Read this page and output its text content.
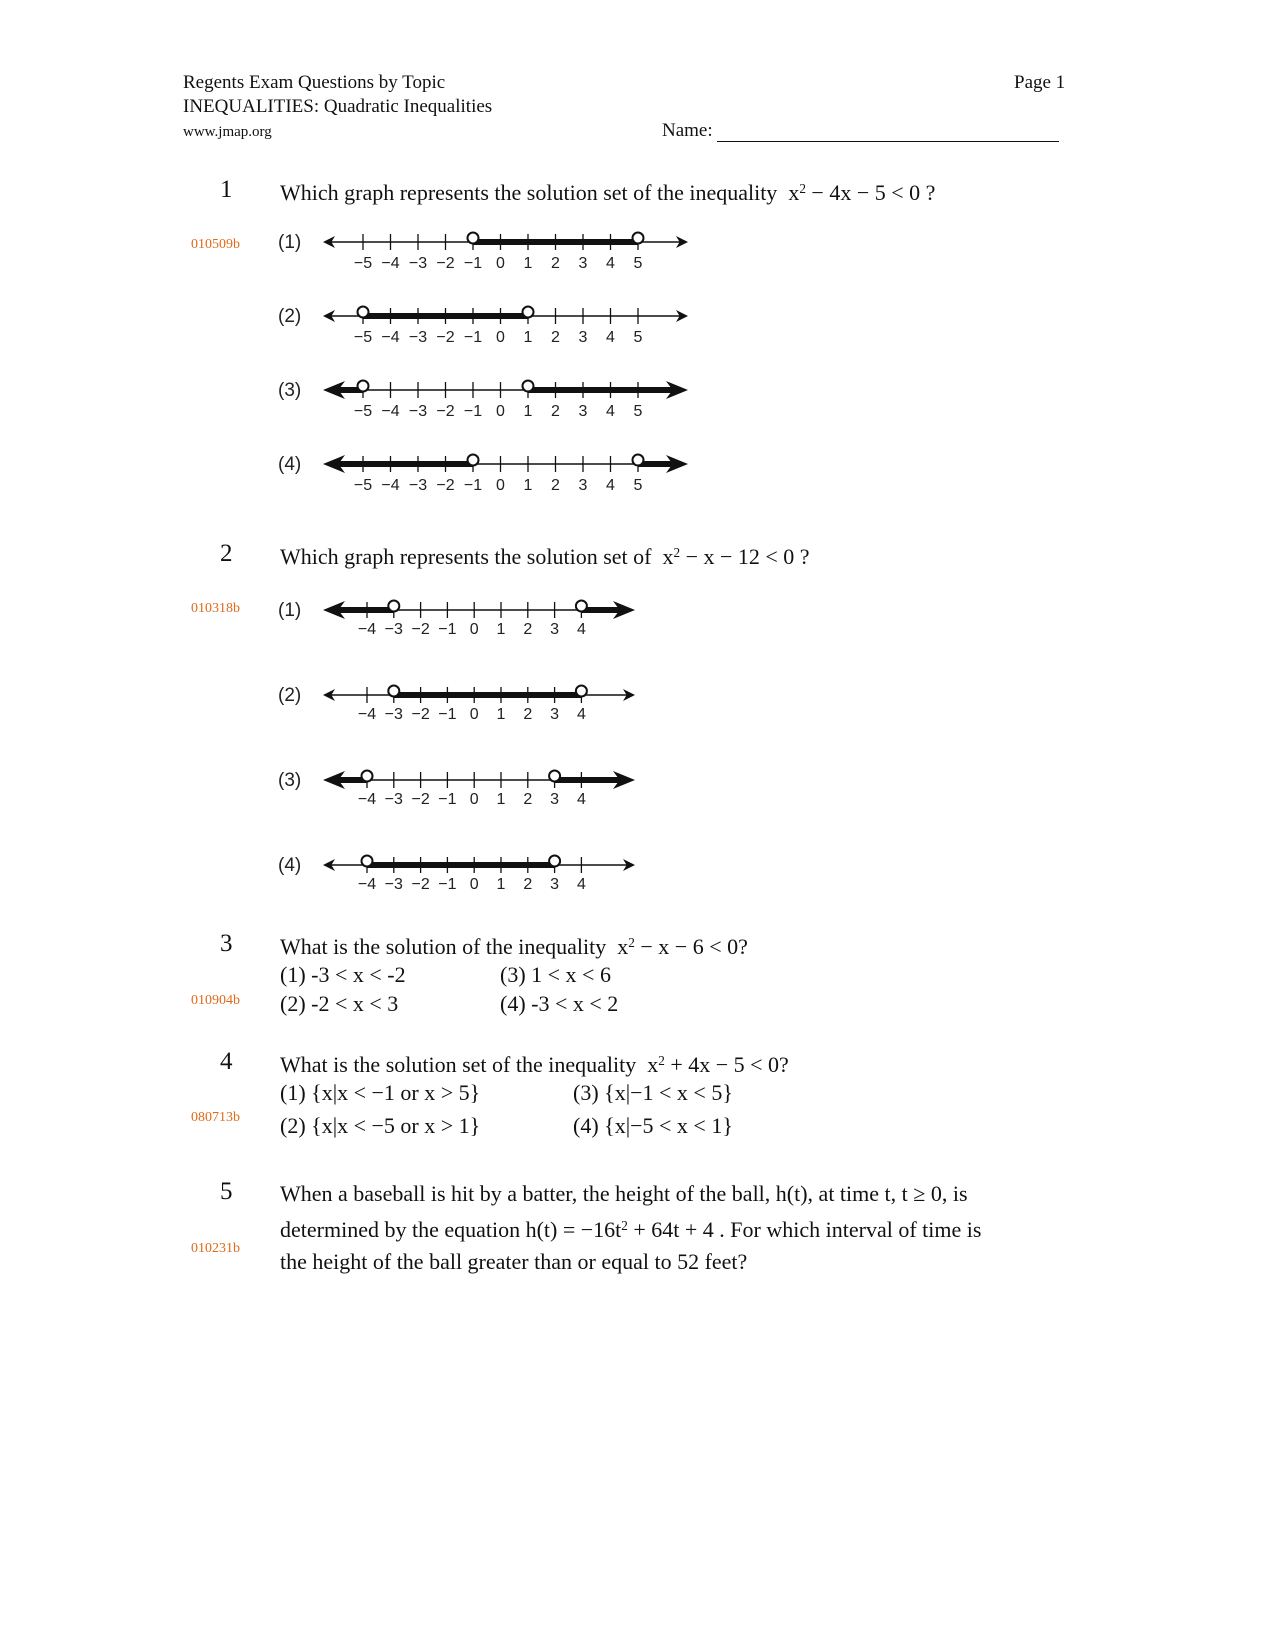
Regents Exam Questions by Topic	Page 1
INEQUALITIES: Quadratic Inequalities
www.jmap.org	Name:
1 Which graph represents the solution set of the inequality $x^2 - 4x - 5 < 0$ ?
010509b (1)
−5 −4 −3 −2 −1 0 1 2 3 4 5
(2)
−5 −4 −3 −2 −1 0 1 2 3 4 5
(3)
−5 −4 −3 −2 −1 0 1 2 3 4 5
(4)
−5 −4 −3 −2 −1 0 1 2 3 4 5
2 Which graph represents the solution set of $x^2 - x - 12 < 0$ ?
010318b (1)
−4 −3 −2 −1 0 1 2 3 4
(2)
−4 −3 −2 −1 0 1 2 3 4
(3)
−4 −3 −2 −1 0 1 2 3 4
(4)
−4 −3 −2 −1 0 1 2 3 4
3 What is the solution of the inequality $x^2 - x - 6 < 0$?
(1) -3 < x < -2
(2) -2 < x < 3
(3) 1 < x < 6
(4) -3 < x < 2
010904b
4 What is the solution set of the inequality $x^2 + 4x - 5 < 0$?
(1) {x|x < −1 or x > 5}
(2) {x|x < −5 or x > 1}
(3) {x|−1 < x < 5}
(4) {x|−5 < x < 1}
080713b
5 When a baseball is hit by a batter, the height of the ball, h(t), at time t, t ≥ 0, is
determined by the equation $h(t) = -16t^2 + 64t + 4$ . For which interval of time is
the height of the ball greater than or equal to 52 feet?
010231b
